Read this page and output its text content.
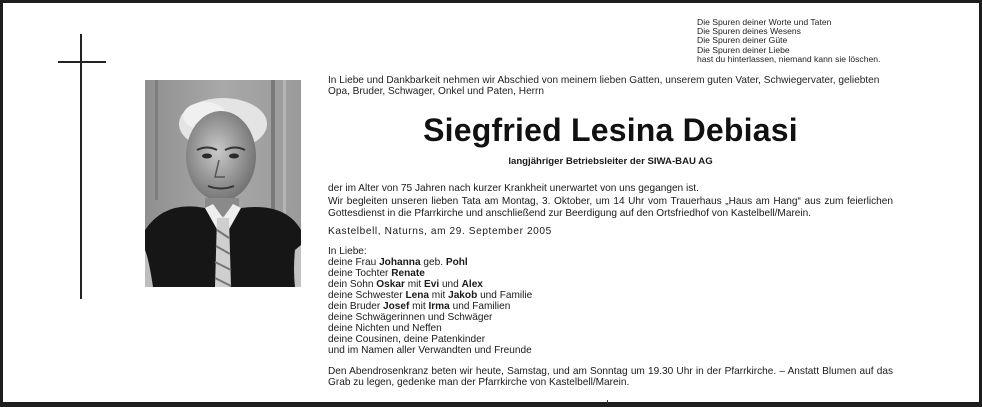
Die Spuren deiner Worte und Taten
Die Spuren deines Wesens
Die Spuren deiner Güte
Die Spuren deiner Liebe
hast du hinterlassen, niemand kann sie löschen.

In Liebe und Dankbarkeit nehmen wir Abschied von meinem lieben Gatten, unserem guten Vater, Schwiegervater, geliebten Opa, Bruder, Schwager, Onkel und Paten, Herrn

Siegfried Lesina Debiasi
langjähriger Betriebsleiter der SIWA-BAU AG
der im Alter von 75 Jahren nach kurzer Krankheit unerwartet von uns gegangen ist.
Wir begleiten unseren lieben Tata am Montag, 3. Oktober, um 14 Uhr vom Trauerhaus „Haus am Hang“ aus zum feierlichen Gottesdienst in die Pfarrkirche und anschließend zur Beerdigung auf den Ortsfriedhof von Kastelbell/Marein.
Kastelbell, Naturns, am 29. September 2005
In Liebe:
deine Frau Johanna geb. Pohl
deine Tochter Renate
dein Sohn Oskar mit Evi und Alex
deine Schwester Lena mit Jakob und Familie
dein Bruder Josef mit Irma und Familien
deine Schwägerinnen und Schwäger
deine Nichten und Neffen
deine Cousinen, deine Patenkinder
und im Namen aller Verwandten und Freunde
Den Abendrosenkranz beten wir heute, Samstag, und am Sonntag um 19.30 Uhr in der Pfarrkirche. – Anstatt Blumen auf das Grab zu legen, gedenke man der Pfarrkirche von Kastelbell/Marein.
